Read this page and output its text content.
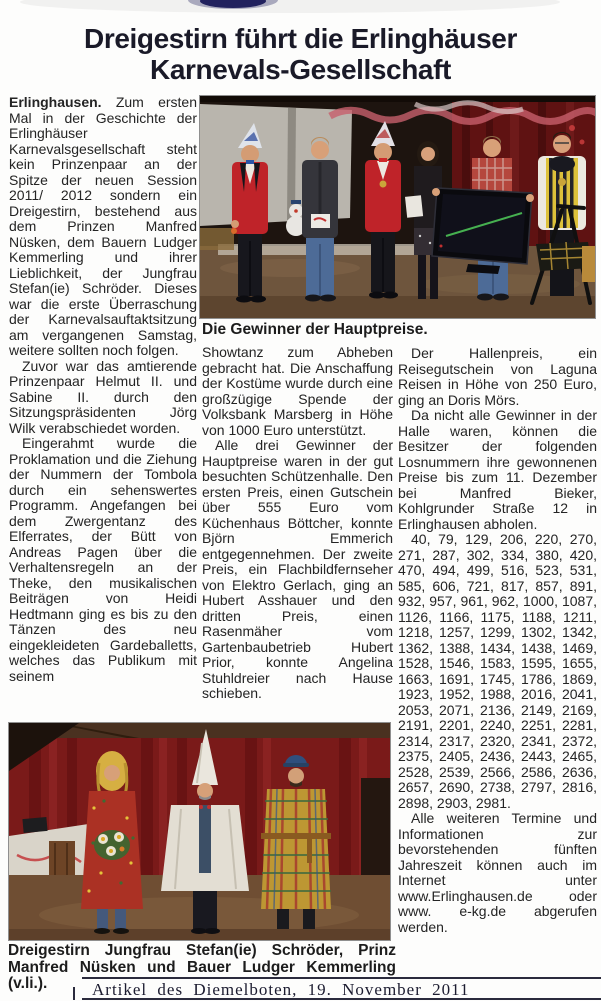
Dreigestirn führt die Erlinghäuser
Karnevals-Gesellschaft

Erlinghausen. Zum ersten Mal in der Geschichte der Erlinghäuser Karnevalsgesellschaft steht kein Prinzenpaar an der Spitze der neuen Session 2011/ 2012 sondern ein Dreigestirn, bestehend aus dem Prinzen Manfred Nüsken, dem Bauern Ludger Kemmerling und ihrer Lieblichkeit, der Jungfrau Stefan(ie) Schröder. Dieses war die erste Überraschung der Karnevalsauftaktsitzung am vergangenen Samstag, weitere sollten noch folgen.

Zuvor war das amtierende Prinzenpaar Helmut II. und Sabine II. durch den Sitzungspräsidenten Jörg Wilk verabschiedet worden.

Eingerahmt wurde die Proklamation und die Ziehung der Nummern der Tombola durch ein sehenswertes Programm. Angefangen bei dem Zwergentanz des Elferrates, der Bütt von Andreas Pagen über die Verhaltensregeln an der Theke, den musikalischen Beiträgen von Heidi Hedtmann ging es bis zu den Tänzen des neu eingekleideten Gardeballetts, welches das Publikum mit seinem

Die Gewinner der Hauptpreise.

Showtanz zum Abheben gebracht hat. Die Anschaffung der Kostüme wurde durch eine großzügige Spende der Volksbank Marsberg in Höhe von 1000 Euro unterstützt.

Alle drei Gewinner der Hauptpreise waren in der gut besuchten Schützenhalle. Den ersten Preis, einen Gutschein über 555 Euro vom Küchenhaus Böttcher, konnte Björn Emmerich entgegennehmen. Der zweite Preis, ein Flachbildfernseher von Elektro Gerlach, ging an Hubert Asshauer und den dritten Preis, einen Rasenmäher vom Gartenbaubetrieb Hubert Prior, konnte Angelina Stuhldreier nach Hause schieben.

Der Hallenpreis, ein Reisegutschein von Laguna Reisen in Höhe von 250 Euro, ging an Doris Mörs.

Da nicht alle Gewinner in der Halle waren, können die Besitzer der folgenden Losnummern ihre gewonnenen Preise bis zum 11. Dezember bei Manfred Bieker, Kohlgrunder Straße 12 in Erlinghausen abholen.

40, 79, 129, 206, 220, 270, 271, 287, 302, 334, 380, 420, 470, 494, 499, 516, 523, 531, 585, 606, 721, 817, 857, 891, 932, 957, 961, 962, 1000, 1087, 1126, 1166, 1175, 1188, 1211, 1218, 1257, 1299, 1302, 1342, 1362, 1388, 1434, 1438, 1469, 1528, 1546, 1583, 1595, 1655, 1663, 1691, 1745, 1786, 1869, 1923, 1952, 1988, 2016, 2041, 2053, 2071, 2136, 2149, 2169, 2191, 2201, 2240, 2251, 2281, 2314, 2317, 2320, 2341, 2372, 2375, 2405, 2436, 2443, 2465, 2528, 2539, 2566, 2586, 2636, 2657, 2690, 2738, 2797, 2816, 2898, 2903, 2981.

Alle weiteren Termine und Informationen zur bevorstehenden fünften Jahreszeit können auch im Internet unter www.Erlinghausen.de oder www. e-kg.de abgerufen werden.

Dreigestirn Jungfrau Stefan(ie) Schröder, Prinz Manfred Nüsken und Bauer Ludger Kemmerling (v.li.).	Artikel des Diemelboten, 19. November 2011
